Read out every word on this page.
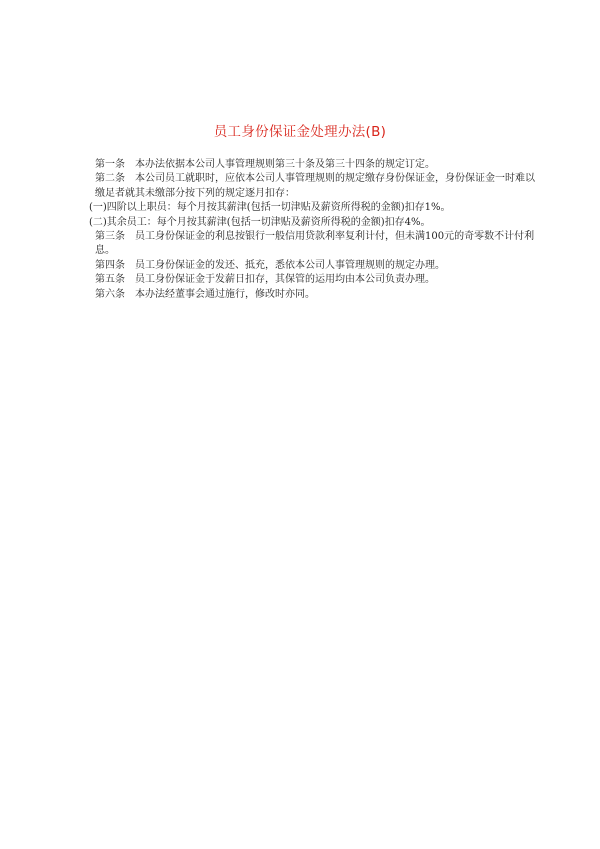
员工身份保证金处理办法(B)

第一条 本办法依据本公司人事管理规则第三十条及第三十四条的规定订定。

第二条 本公司员工就职时，应依本公司人事管理规则的规定缴存身份保证金，身份保证金一时难以缴足者就其未缴部分按下列的规定逐月扣存：

(一)四阶以上职员：每个月按其薪津(包括一切津贴及薪资所得税的金额)扣存1%。

(二)其余员工：每个月按其薪津(包括一切津贴及薪资所得税的金额)扣存4%。

第三条 员工身份保证金的利息按银行一般信用贷款利率复利计付，但未满100元的奇零数不计付利息。

第四条 员工身份保证金的发还、抵充，悉依本公司人事管理规则的规定办理。

第五条 员工身份保证金于发薪日扣存，其保管的运用均由本公司负责办理。

第六条 本办法经董事会通过施行，修改时亦同。
